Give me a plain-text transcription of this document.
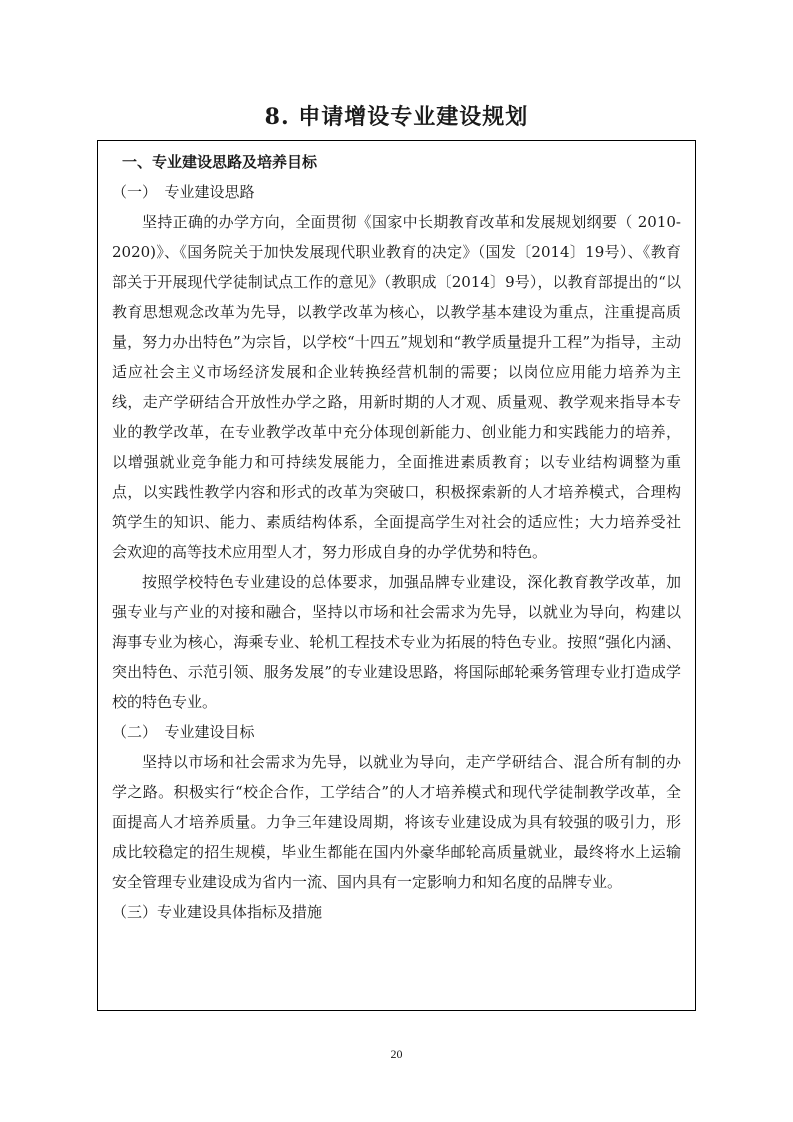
8. 申请增设专业建设规划

一、专业建设思路及培养目标

（一）　专业建设思路

坚持正确的办学方向，全面贯彻《国家中长期教育改革和发展规划纲要（ 2010- 2020)》、《国务院关于加快发展现代职业教育的决定》（国发〔2014〕19号）、《教育部关于开展现代学徒制试点工作的意见》（教职成〔2014〕9号），以教育部提出的“以教育思想观念改革为先导，以教学改革为核心，以教学基本建设为重点，注重提高质量，努力办出特色”为宗旨，以学校“十四五”规划和“教学质量提升工程”为指导，主动适应社会主义市场经济发展和企业转换经营机制的需要；以岗位应用能力培养为主线，走产学研结合开放性办学之路，用新时期的人才观、质量观、教学观来指导本专业的教学改革，在专业教学改革中充分体现创新能力、创业能力和实践能力的培养，以增强就业竞争能力和可持续发展能力，全面推进素质教育；以专业结构调整为重点，以实践性教学内容和形式的改革为突破口，积极探索新的人才培养模式，合理构筑学生的知识、能力、素质结构体系，全面提高学生对社会的适应性；大力培养受社会欢迎的高等技术应用型人才，努力形成自身的办学优势和特色。

按照学校特色专业建设的总体要求，加强品牌专业建设，深化教育教学改革，加强专业与产业的对接和融合，坚持以市场和社会需求为先导，以就业为导向，构建以海事专业为核心，海乘专业、轮机工程技术专业为拓展的特色专业。按照“强化内涵、突出特色、示范引领、服务发展”的专业建设思路，将国际邮轮乘务管理专业打造成学校的特色专业。

（二）　专业建设目标

坚持以市场和社会需求为先导，以就业为导向，走产学研结合、混合所有制的办学之路。积极实行“校企合作，工学结合”的人才培养模式和现代学徒制教学改革，全面提高人才培养质量。力争三年建设周期，将该专业建设成为具有较强的吸引力，形成比较稳定的招生规模，毕业生都能在国内外豪华邮轮高质量就业，最终将水上运输安全管理专业建设成为省内一流、国内具有一定影响力和知名度的品牌专业。

（三）专业建设具体指标及措施

20
